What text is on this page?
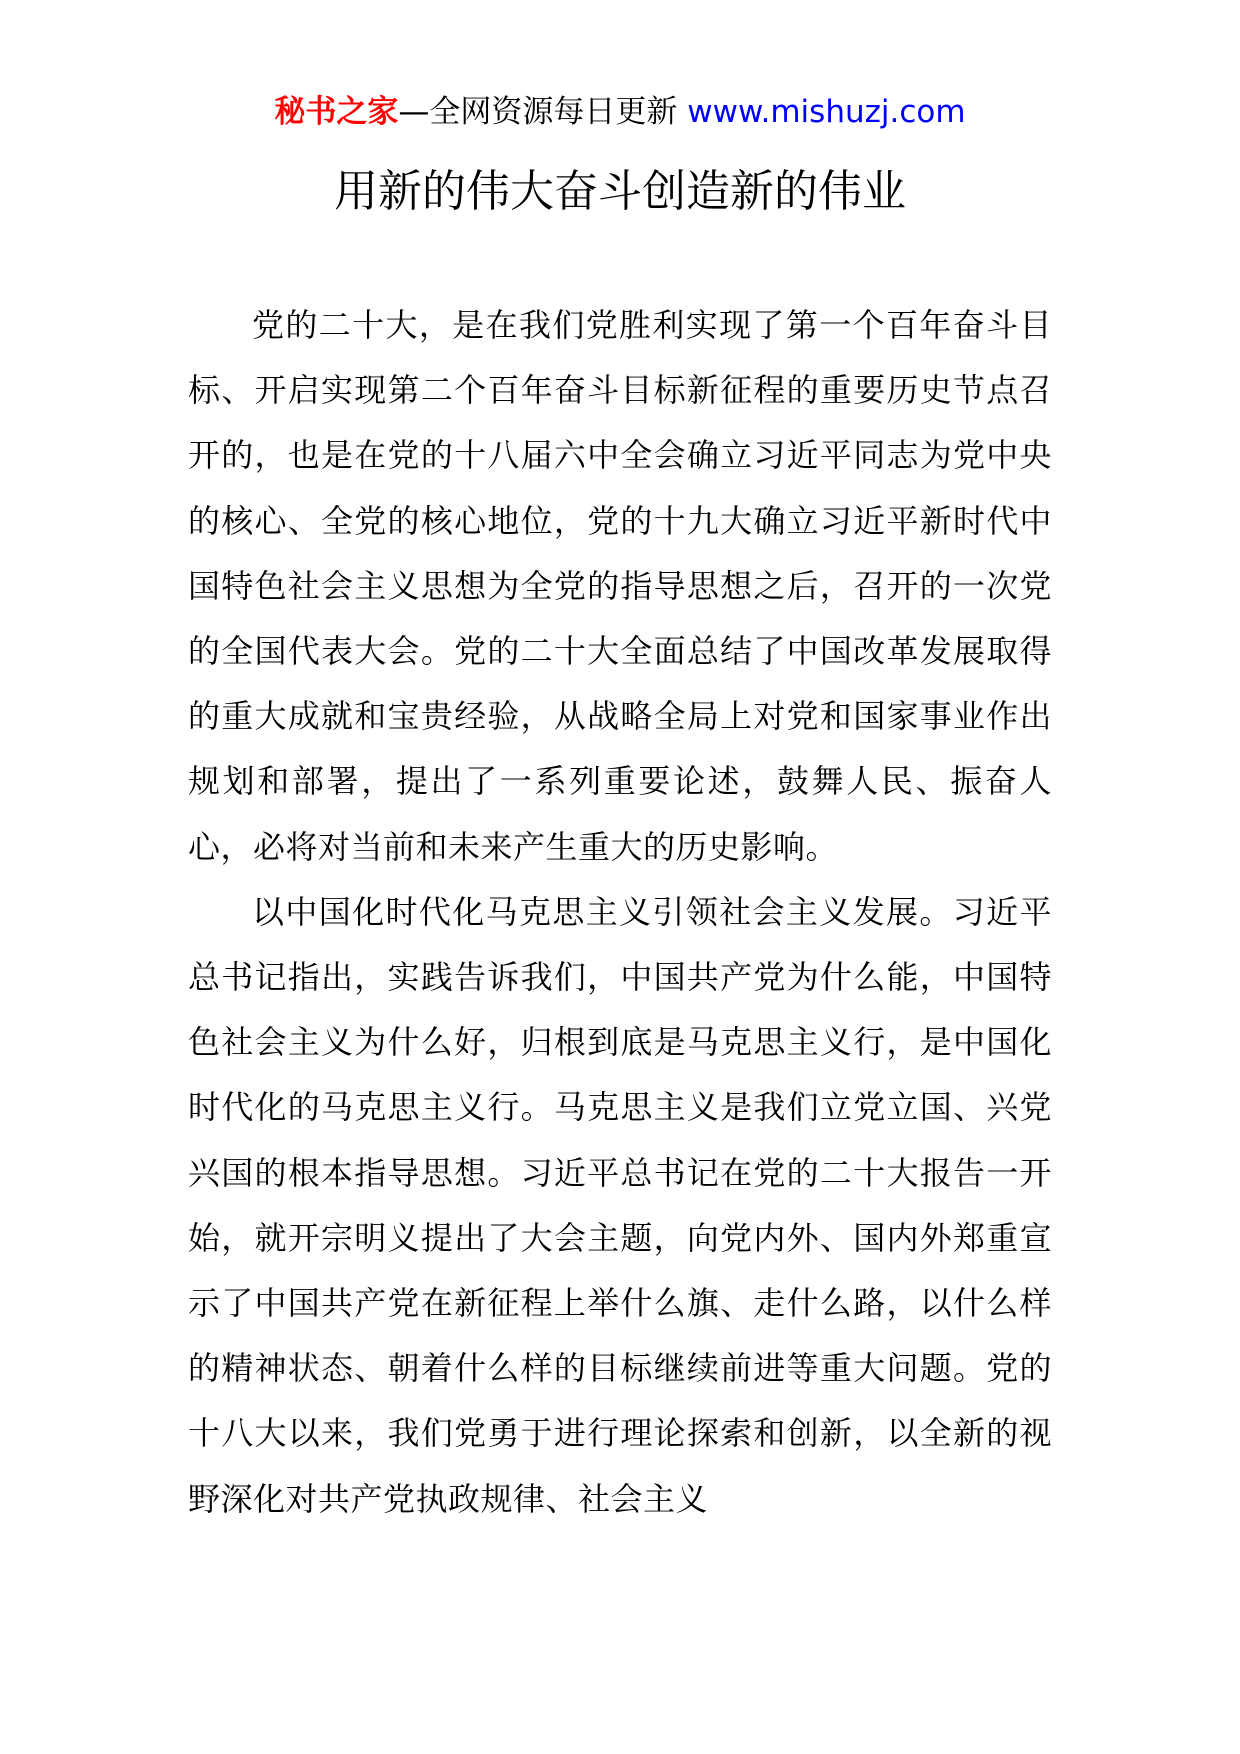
秘书之家—全网资源每日更新 www.mishuzj.com
用新的伟大奋斗创造新的伟业

党的二十大，是在我们党胜利实现了第一个百年奋斗目标、开启实现第二个百年奋斗目标新征程的重要历史节点召开的，也是在党的十八届六中全会确立习近平同志为党中央的核心、全党的核心地位，党的十九大确立习近平新时代中国特色社会主义思想为全党的指导思想之后，召开的一次党的全国代表大会。党的二十大全面总结了中国改革发展取得的重大成就和宝贵经验，从战略全局上对党和国家事业作出规划和部署，提出了一系列重要论述，鼓舞人民、振奋人心，必将对当前和未来产生重大的历史影响。

以中国化时代化马克思主义引领社会主义发展。习近平总书记指出，实践告诉我们，中国共产党为什么能，中国特色社会主义为什么好，归根到底是马克思主义行，是中国化时代化的马克思主义行。马克思主义是我们立党立国、兴党兴国的根本指导思想。习近平总书记在党的二十大报告一开始，就开宗明义提出了大会主题，向党内外、国内外郑重宣示了中国共产党在新征程上举什么旗、走什么路，以什么样的精神状态、朝着什么样的目标继续前进等重大问题。党的十八大以来，我们党勇于进行理论探索和创新，以全新的视野深化对共产党执政规律、社会主义
